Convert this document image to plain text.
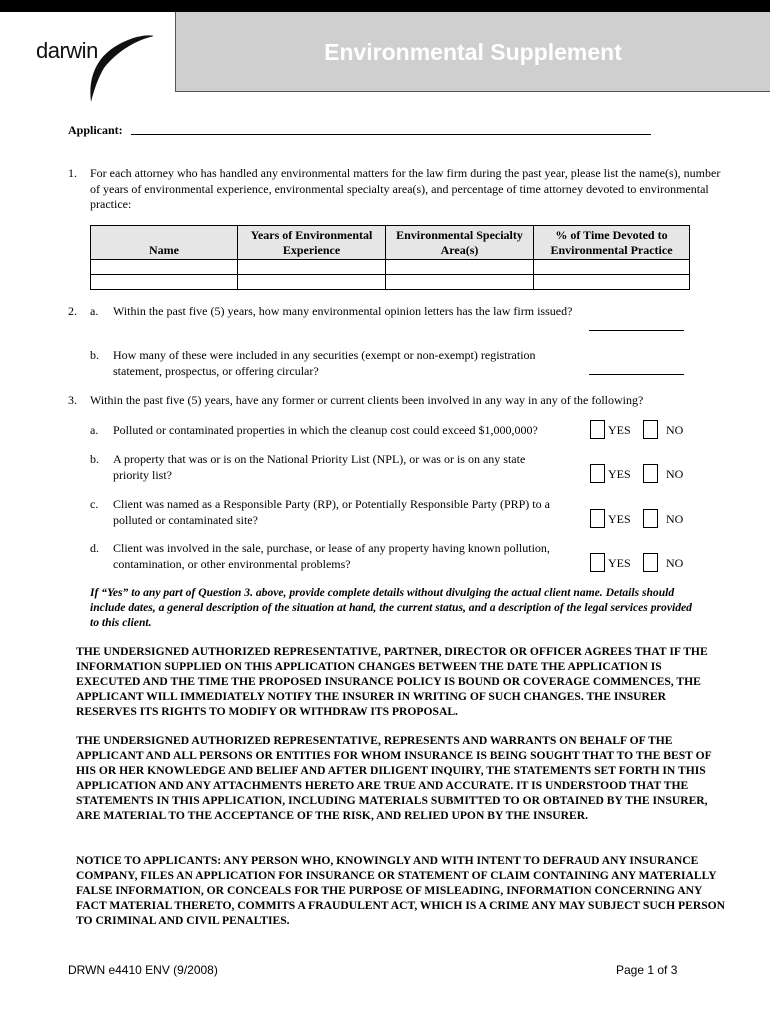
darwin	Environmental Supplement
Applicant:
1. For each attorney who has handled any environmental matters for the law firm during the past year, please list the name(s), number of years of environmental experience, environmental specialty area(s), and percentage of time attorney devoted to environmental practice:
Name	Years of Environmental Experience	Environmental Specialty Area(s)	% of Time Devoted to Environmental Practice

2. a. Within the past five (5) years, how many environmental opinion letters has the law firm issued?
b. How many of these were included in any securities (exempt or non-exempt) registration statement, prospectus, or offering circular?
3. Within the past five (5) years, have any former or current clients been involved in any way in any of the following?
a. Polluted or contaminated properties in which the cleanup cost could exceed $1,000,000?	YES	NO
b. A property that was or is on the National Priority List (NPL), or was or is on any state priority list?	YES	NO
c. Client was named as a Responsible Party (RP), or Potentially Responsible Party (PRP) to a polluted or contaminated site?	YES	NO
d. Client was involved in the sale, purchase, or lease of any property having known pollution, contamination, or other environmental problems?	YES	NO
If “Yes” to any part of Question 3. above, provide complete details without divulging the actual client name. Details should include dates, a general description of the situation at hand, the current status, and a description of the legal services provided to this client.
THE UNDERSIGNED AUTHORIZED REPRESENTATIVE, PARTNER, DIRECTOR OR OFFICER AGREES THAT IF THE INFORMATION SUPPLIED ON THIS APPLICATION CHANGES BETWEEN THE DATE THE APPLICATION IS EXECUTED AND THE TIME THE PROPOSED INSURANCE POLICY IS BOUND OR COVERAGE COMMENCES, THE APPLICANT WILL IMMEDIATELY NOTIFY THE INSURER IN WRITING OF SUCH CHANGES. THE INSURER RESERVES ITS RIGHTS TO MODIFY OR WITHDRAW ITS PROPOSAL.
THE UNDERSIGNED AUTHORIZED REPRESENTATIVE, REPRESENTS AND WARRANTS ON BEHALF OF THE APPLICANT AND ALL PERSONS OR ENTITIES FOR WHOM INSURANCE IS BEING SOUGHT THAT TO THE BEST OF HIS OR HER KNOWLEDGE AND BELIEF AND AFTER DILIGENT INQUIRY, THE STATEMENTS SET FORTH IN THIS APPLICATION AND ANY ATTACHMENTS HERETO ARE TRUE AND ACCURATE. IT IS UNDERSTOOD THAT THE STATEMENTS IN THIS APPLICATION, INCLUDING MATERIALS SUBMITTED TO OR OBTAINED BY THE INSURER, ARE MATERIAL TO THE ACCEPTANCE OF THE RISK, AND RELIED UPON BY THE INSURER.
NOTICE TO APPLICANTS: ANY PERSON WHO, KNOWINGLY AND WITH INTENT TO DEFRAUD ANY INSURANCE COMPANY, FILES AN APPLICATION FOR INSURANCE OR STATEMENT OF CLAIM CONTAINING ANY MATERIALLY FALSE INFORMATION, OR CONCEALS FOR THE PURPOSE OF MISLEADING, INFORMATION CONCERNING ANY FACT MATERIAL THERETO, COMMITS A FRAUDULENT ACT, WHICH IS A CRIME ANY MAY SUBJECT SUCH PERSON TO CRIMINAL AND CIVIL PENALTIES.
DRWN e4410 ENV (9/2008)	Page 1 of 3
